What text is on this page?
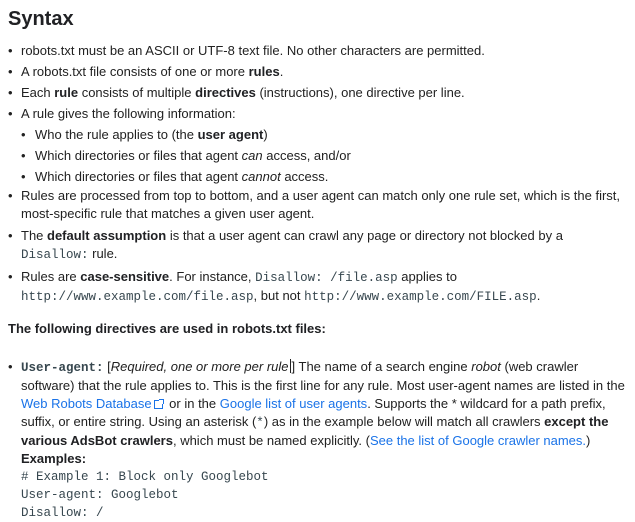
Syntax
• robots.txt must be an ASCII or UTF-8 text file. No other characters are permitted.
• A robots.txt file consists of one or more rules.
• Each rule consists of multiple directives (instructions), one directive per line.
• A rule gives the following information:
• Who the rule applies to (the user agent)
• Which directories or files that agent can access, and/or
• Which directories or files that agent cannot access.
• Rules are processed from top to bottom, and a user agent can match only one rule set, which is the first, most-specific rule that matches a given user agent.
• The default assumption is that a user agent can crawl any page or directory not blocked by a Disallow: rule.
• Rules are case-sensitive. For instance, Disallow: /file.asp applies to http://www.example.com/file.asp, but not http://www.example.com/FILE.asp.
The following directives are used in robots.txt files:
• User-agent: [Required, one or more per rule ] The name of a search engine robot (web crawler software) that the rule applies to. This is the first line for any rule. Most user-agent names are listed in the Web Robots Database or in the Google list of user agents. Supports the * wildcard for a path prefix, suffix, or entire string. Using an asterisk (*) as in the example below will match all crawlers except the various AdsBot crawlers, which must be named explicitly. (See the list of Google crawler names.) Examples:
# Example 1: Block only Googlebot
User-agent: Googlebot
Disallow: /
